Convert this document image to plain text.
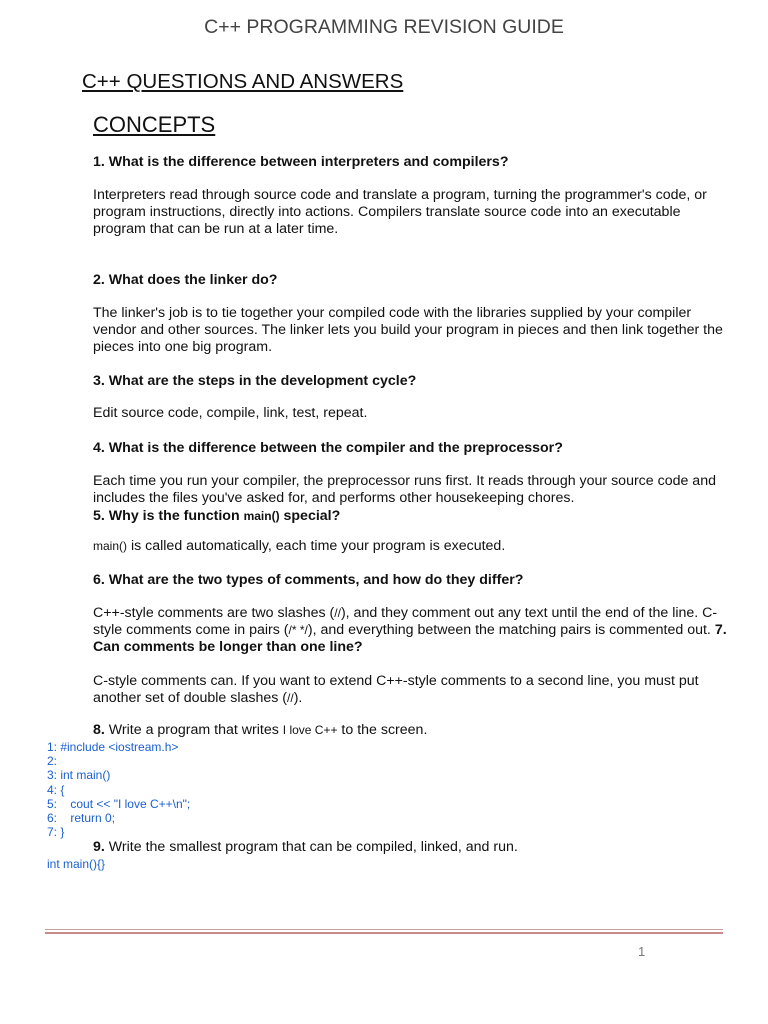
C++ PROGRAMMING REVISION GUIDE
C++ QUESTIONS AND ANSWERS
CONCEPTS
1. What is the difference between interpreters and compilers?
Interpreters read through source code and translate a program, turning the programmer's code, or program instructions, directly into actions. Compilers translate source code into an executable program that can be run at a later time.
2. What does the linker do?
The linker's job is to tie together your compiled code with the libraries supplied by your compiler vendor and other sources. The linker lets you build your program in pieces and then link together the pieces into one big program.
3. What are the steps in the development cycle?
Edit source code, compile, link, test, repeat.
4. What is the difference between the compiler and the preprocessor?
Each time you run your compiler, the preprocessor runs first. It reads through your source code and includes the files you've asked for, and performs other housekeeping chores.
5. Why is the function main() special?
main() is called automatically, each time your program is executed.
6. What are the two types of comments, and how do they differ?
C++-style comments are two slashes (//), and they comment out any text until the end of the line. C-style comments come in pairs (/* */), and everything between the matching pairs is commented out. 7. Can comments be longer than one line?
C-style comments can. If you want to extend C++-style comments to a second line, you must put another set of double slashes (//).
8. Write a program that writes I love C++ to the screen.
1: #include <iostream.h>
2:
3: int main()
4: {
5:    cout << "I love C++\n";
6:    return 0;
7: }
9. Write the smallest program that can be compiled, linked, and run.
int main(){}
1
